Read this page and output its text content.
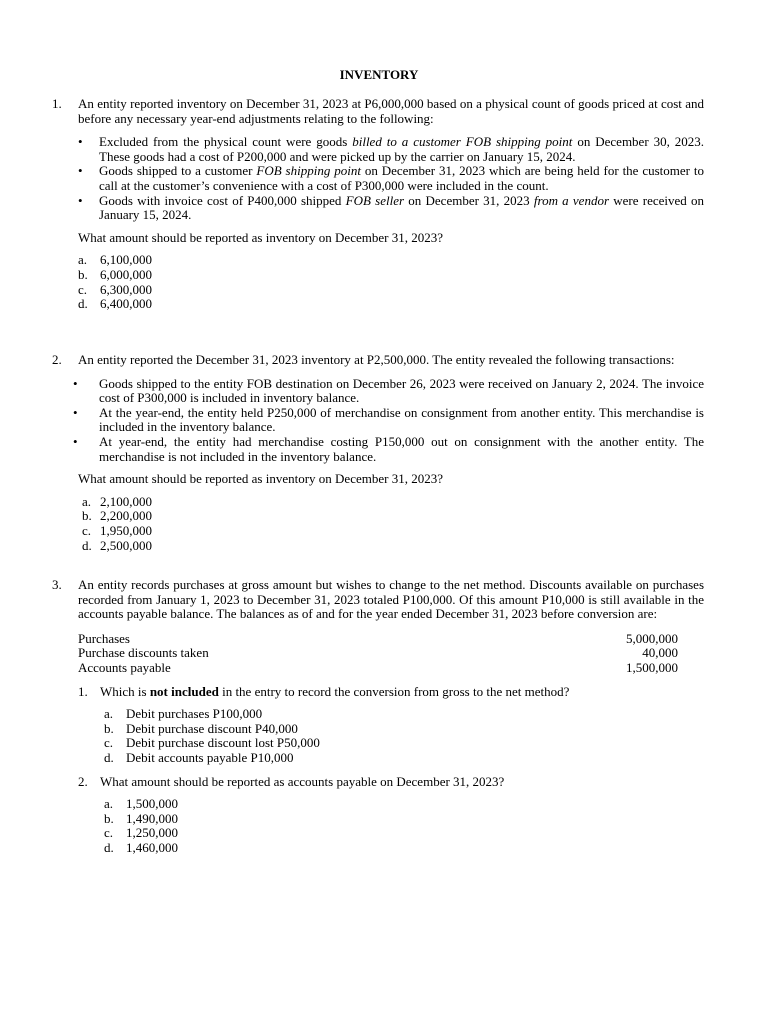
INVENTORY
1.	An entity reported inventory on December 31, 2023 at P6,000,000 based on a physical count of goods priced at cost and before any necessary year-end adjustments relating to the following:

• Excluded from the physical count were goods billed to a customer FOB shipping point on December 30, 2023. These goods had a cost of P200,000 and were picked up by the carrier on January 15, 2024.
• Goods shipped to a customer FOB shipping point on December 31, 2023 which are being held for the customer to call at the customer’s convenience with a cost of P300,000 were included in the count.
• Goods with invoice cost of P400,000 shipped FOB seller on December 31, 2023 from a vendor were received on January 15, 2024.

What amount should be reported as inventory on December 31, 2023?

a. 6,100,000
b. 6,000,000
c. 6,300,000
d. 6,400,000
2.	An entity reported the December 31, 2023 inventory at P2,500,000. The entity revealed the following transactions:

• Goods shipped to the entity FOB destination on December 26, 2023 were received on January 2, 2024. The invoice cost of P300,000 is included in inventory balance.
• At the year-end, the entity held P250,000 of merchandise on consignment from another entity. This merchandise is included in the inventory balance.
• At year-end, the entity had merchandise costing P150,000 out on consignment with the another entity. The merchandise is not included in the inventory balance.

What amount should be reported as inventory on December 31, 2023?

a. 2,100,000
b. 2,200,000
c. 1,950,000
d. 2,500,000
3.	An entity records purchases at gross amount but wishes to change to the net method. Discounts available on purchases recorded from January 1, 2023 to December 31, 2023 totaled P100,000. Of this amount P10,000 is still available in the accounts payable balance. The balances as of and for the year ended December 31, 2023 before conversion are:

Purchases	5,000,000
Purchase discounts taken	40,000
Accounts payable	1,500,000
1. Which is not included in the entry to record the conversion from gross to the net method?

a. Debit purchases P100,000
b. Debit purchase discount P40,000
c. Debit purchase discount lost P50,000
d. Debit accounts payable P10,000
2. What amount should be reported as accounts payable on December 31, 2023?

a. 1,500,000
b. 1,490,000
c. 1,250,000
d. 1,460,000
